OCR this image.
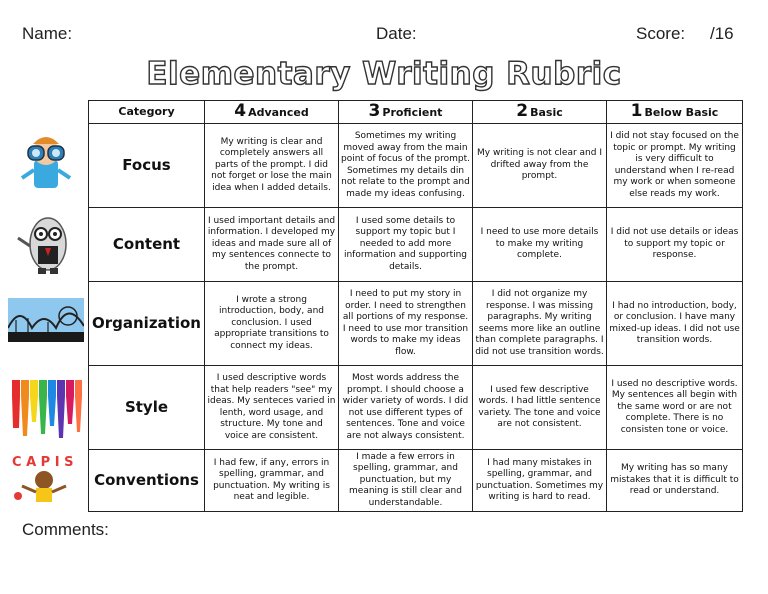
Name:	Date:	Score: /16
Elementary Writing Rubric
C A P I S
Category	4 Advanced	3 Proficient	2 Basic	1 Below Basic
Focus	My writing is clear and completely answers all parts of the prompt. I did not forget or lose the main idea when I added details.	Sometimes my writing moved away from the main point of focus of the prompt. Sometimes my details din not relate to the prompt and made my ideas confusing.	My writing is not clear and I drifted away from the prompt.	I did not stay focused on the topic or prompt. My writing is very difficult to understand when I re-read my work or when someone else reads my work.
Content	I used important details and information. I developed my ideas and made sure all of my sentences connecte to the prompt.	I used some details to support my topic but I needed to add more information and supporting details.	I need to use more details to make my writing complete.	I did not use details or ideas to support my topic or response.
Organization	I wrote a strong introduction, body, and conclusion. I used appropriate transitions to connect my ideas.	I need to put my story in order. I need to strengthen all portions of my response. I need to use mor transition words to make my ideas flow.	I did not organize my response. I was missing paragraphs. My writing seems more like an outline than complete paragraphs. I did not use transition words.	I had no introduction, body, or conclusion. I have many mixed-up ideas. I did not use transition words.
Style	I used descriptive words that help readers "see" my ideas. My senteces varied in lenth, word usage, and structure. My tone and voice are consistent.	Most words address the prompt. I should choose a wider variety of words. I did not use different types of sentences. Tone and voice are not always consistent.	I used few descriptive words. I had little sentence variety. The tone and voice are not consistent.	I used no descriptive words. My sentences all begin with the same word or are not complete. There is no consisten tone or voice.
Conventions	I had few, if any, errors in spelling, grammar, and punctuation. My writing is neat and legible.	I made a few errors in spelling, grammar, and punctuation, but my meaning is still clear and understandable.	I had many mistakes in spelling, grammar, and punctuation. Sometimes my writing is hard to read.	My writing has so many mistakes that it is difficult to read or understand.
Comments:
